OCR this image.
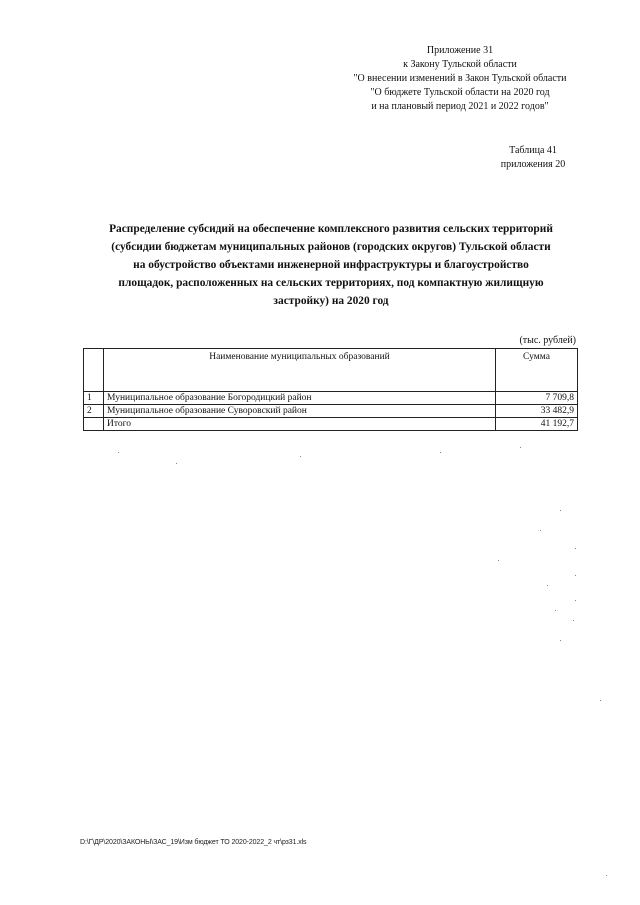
Приложение 31
к Закону Тульской области
"О внесении изменений в Закон Тульской области
"О бюджете Тульской области на 2020 год
и на плановый период 2021 и 2022 годов"
Таблица 41
приложения 20
Распределение субсидий на обеспечение комплексного развития сельских территорий
(субсидии бюджетам муниципальных районов (городских округов) Тульской области
на обустройство объектами инженерной инфраструктуры и благоустройство
площадок, расположенных на сельских территориях, под компактную жилищную
застройку) на 2020 год
(тыс. рублей)
	Наименование муниципальных образований	Сумма
1	Муниципальное образование Богородицкий район	7 709,8
2	Муниципальное образование Суворовский район	33 482,9
	Итого	41 192,7
D:\Г\ДР\2020\ЗАКОНЫ\ЗАС_19\Изм бюджет ТО 2020-2022_2 чт\рз31.xls
